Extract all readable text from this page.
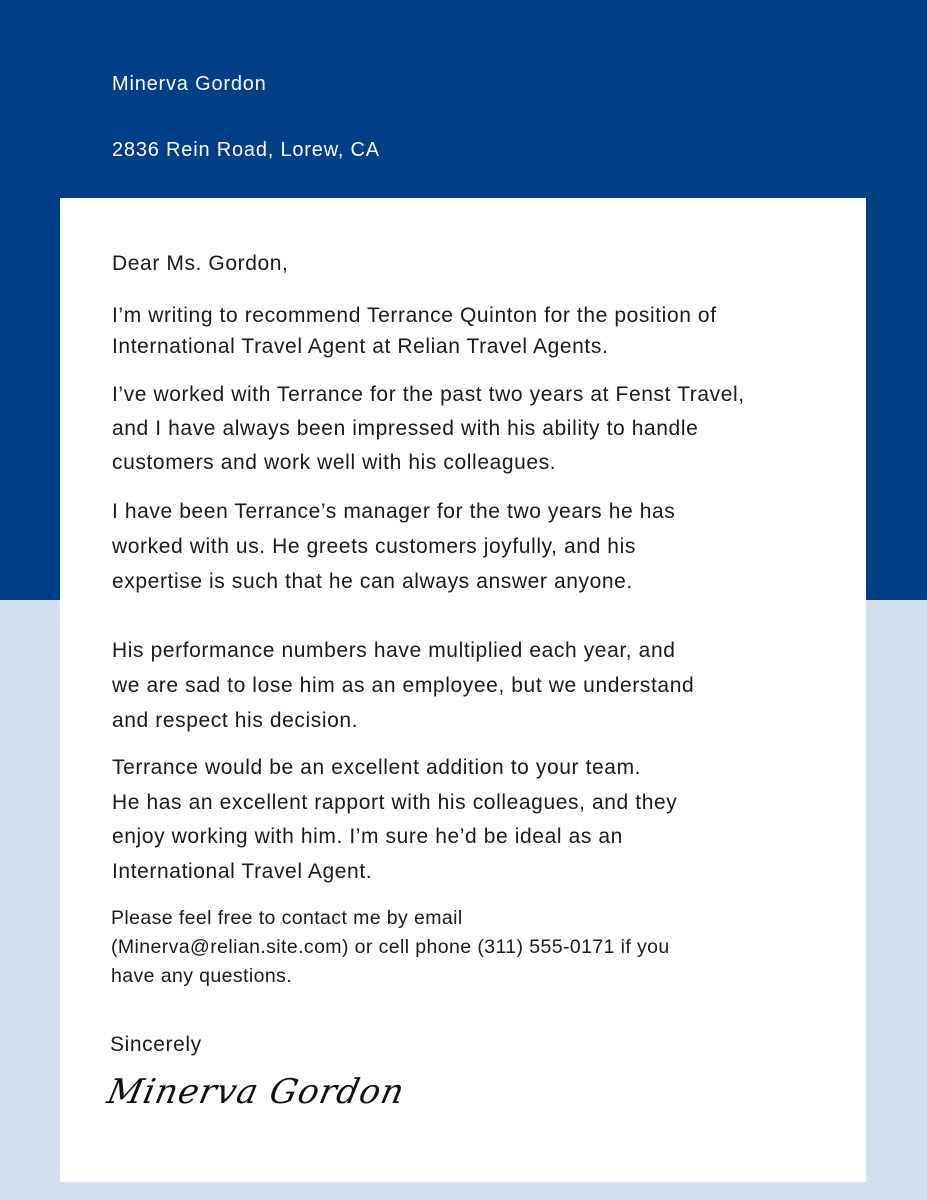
Minerva Gordon
2836 Rein Road, Lorew, CA
Dear Ms. Gordon,
I’m writing to recommend Terrance Quinton for the position of
International Travel Agent at Relian Travel Agents.
I’ve worked with Terrance for the past two years at Fenst Travel,
and I have always been impressed with his ability to handle
customers and work well with his colleagues.
I have been Terrance’s manager for the two years he has
worked with us. He greets customers joyfully, and his
expertise is such that he can always answer anyone.
His performance numbers have multiplied each year, and
we are sad to lose him as an employee, but we understand
and respect his decision.
Terrance would be an excellent addition to your team.
He has an excellent rapport with his colleagues, and they
enjoy working with him. I’m sure he’d be ideal as an
International Travel Agent.
Please feel free to contact me by email
(Minerva@relian.site.com) or cell phone (311) 555-0171 if you
have any questions.
Sincerely
Minerva Gordon
